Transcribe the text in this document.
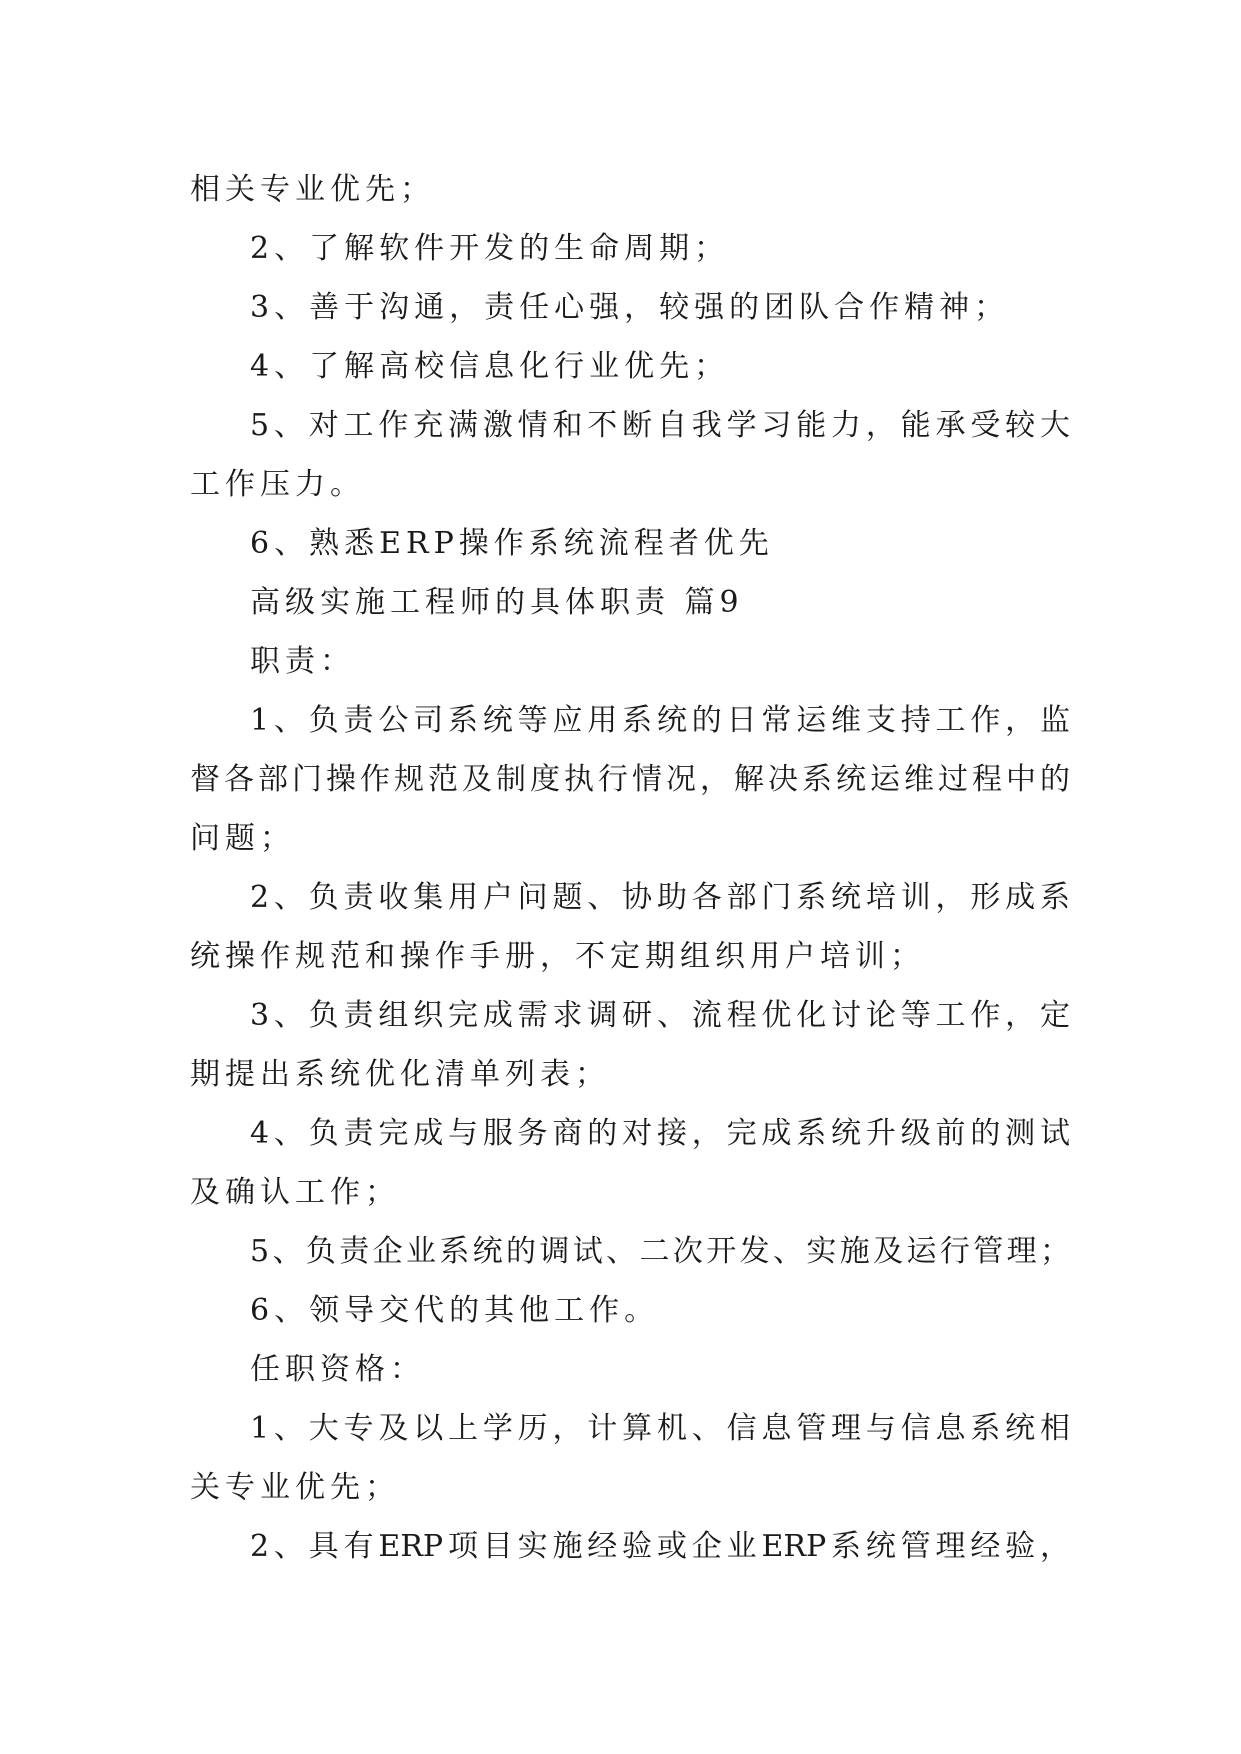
相关专业优先；
2、了解软件开发的生命周期；
3、善于沟通，责任心强，较强的团队合作精神；
4、了解高校信息化行业优先；
5、对工作充满激情和不断自我学习能力，能承受较大
工作压力。
6、熟悉ERP操作系统流程者优先
高级实施工程师的具体职责 篇9
职责：
1、负责公司系统等应用系统的日常运维支持工作，监
督各部门操作规范及制度执行情况，解决系统运维过程中的
问题；
2、负责收集用户问题、协助各部门系统培训，形成系
统操作规范和操作手册，不定期组织用户培训；
3、负责组织完成需求调研、流程优化讨论等工作，定
期提出系统优化清单列表；
4、负责完成与服务商的对接，完成系统升级前的测试
及确认工作；
5、负责企业系统的调试、二次开发、实施及运行管理；
6、领导交代的其他工作。
任职资格：
1、大专及以上学历，计算机、信息管理与信息系统相
关专业优先；
2、具有ERP项目实施经验或企业ERP系统管理经验，
